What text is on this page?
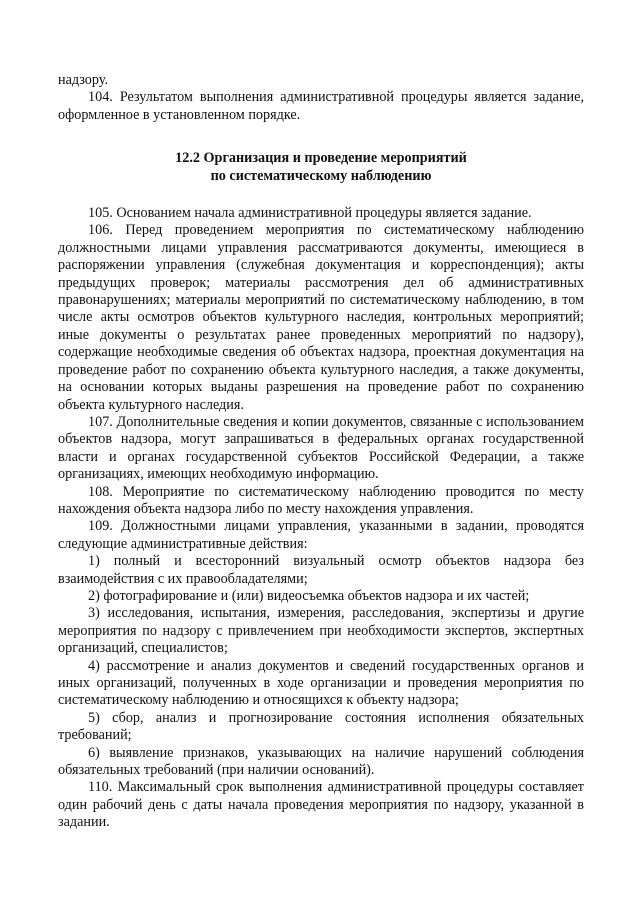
надзору.

104. Результатом выполнения административной процедуры является задание, оформленное в установленном порядке.

12.2 Организация и проведение мероприятий
по систематическому наблюдению

105. Основанием начала административной процедуры является задание.

106. Перед проведением мероприятия по систематическому наблюдению должностными лицами управления рассматриваются документы, имеющиеся в распоряжении управления (служебная документация и корреспонденция); акты предыдущих проверок; материалы рассмотрения дел об административных правонарушениях; материалы мероприятий по систематическому наблюдению, в том числе акты осмотров объектов культурного наследия, контрольных мероприятий; иные документы о результатах ранее проведенных мероприятий по надзору), содержащие необходимые сведения об объектах надзора, проектная документация на проведение работ по сохранению объекта культурного наследия, а также документы, на основании которых выданы разрешения на проведение работ по сохранению объекта культурного наследия.

107. Дополнительные сведения и копии документов, связанные с использованием объектов надзора, могут запрашиваться в федеральных органах государственной власти и органах государственной субъектов Российской Федерации, а также организациях, имеющих необходимую информацию.

108. Мероприятие по систематическому наблюдению проводится по месту нахождения объекта надзора либо по месту нахождения управления.

109. Должностными лицами управления, указанными в задании, проводятся следующие административные действия:

1) полный и всесторонний визуальный осмотр объектов надзора без взаимодействия с их правообладателями;

2) фотографирование и (или) видеосъемка объектов надзора и их частей;

3) исследования, испытания, измерения, расследования, экспертизы и другие мероприятия по надзору с привлечением при необходимости экспертов, экспертных организаций, специалистов;

4) рассмотрение и анализ документов и сведений государственных органов и иных организаций, полученных в ходе организации и проведения мероприятия по систематическому наблюдению и относящихся к объекту надзора;

5) сбор, анализ и прогнозирование состояния исполнения обязательных требований;

6) выявление признаков, указывающих на наличие нарушений соблюдения обязательных требований (при наличии оснований).

110. Максимальный срок выполнения административной процедуры составляет один рабочий день с даты начала проведения мероприятия по надзору, указанной в задании.
